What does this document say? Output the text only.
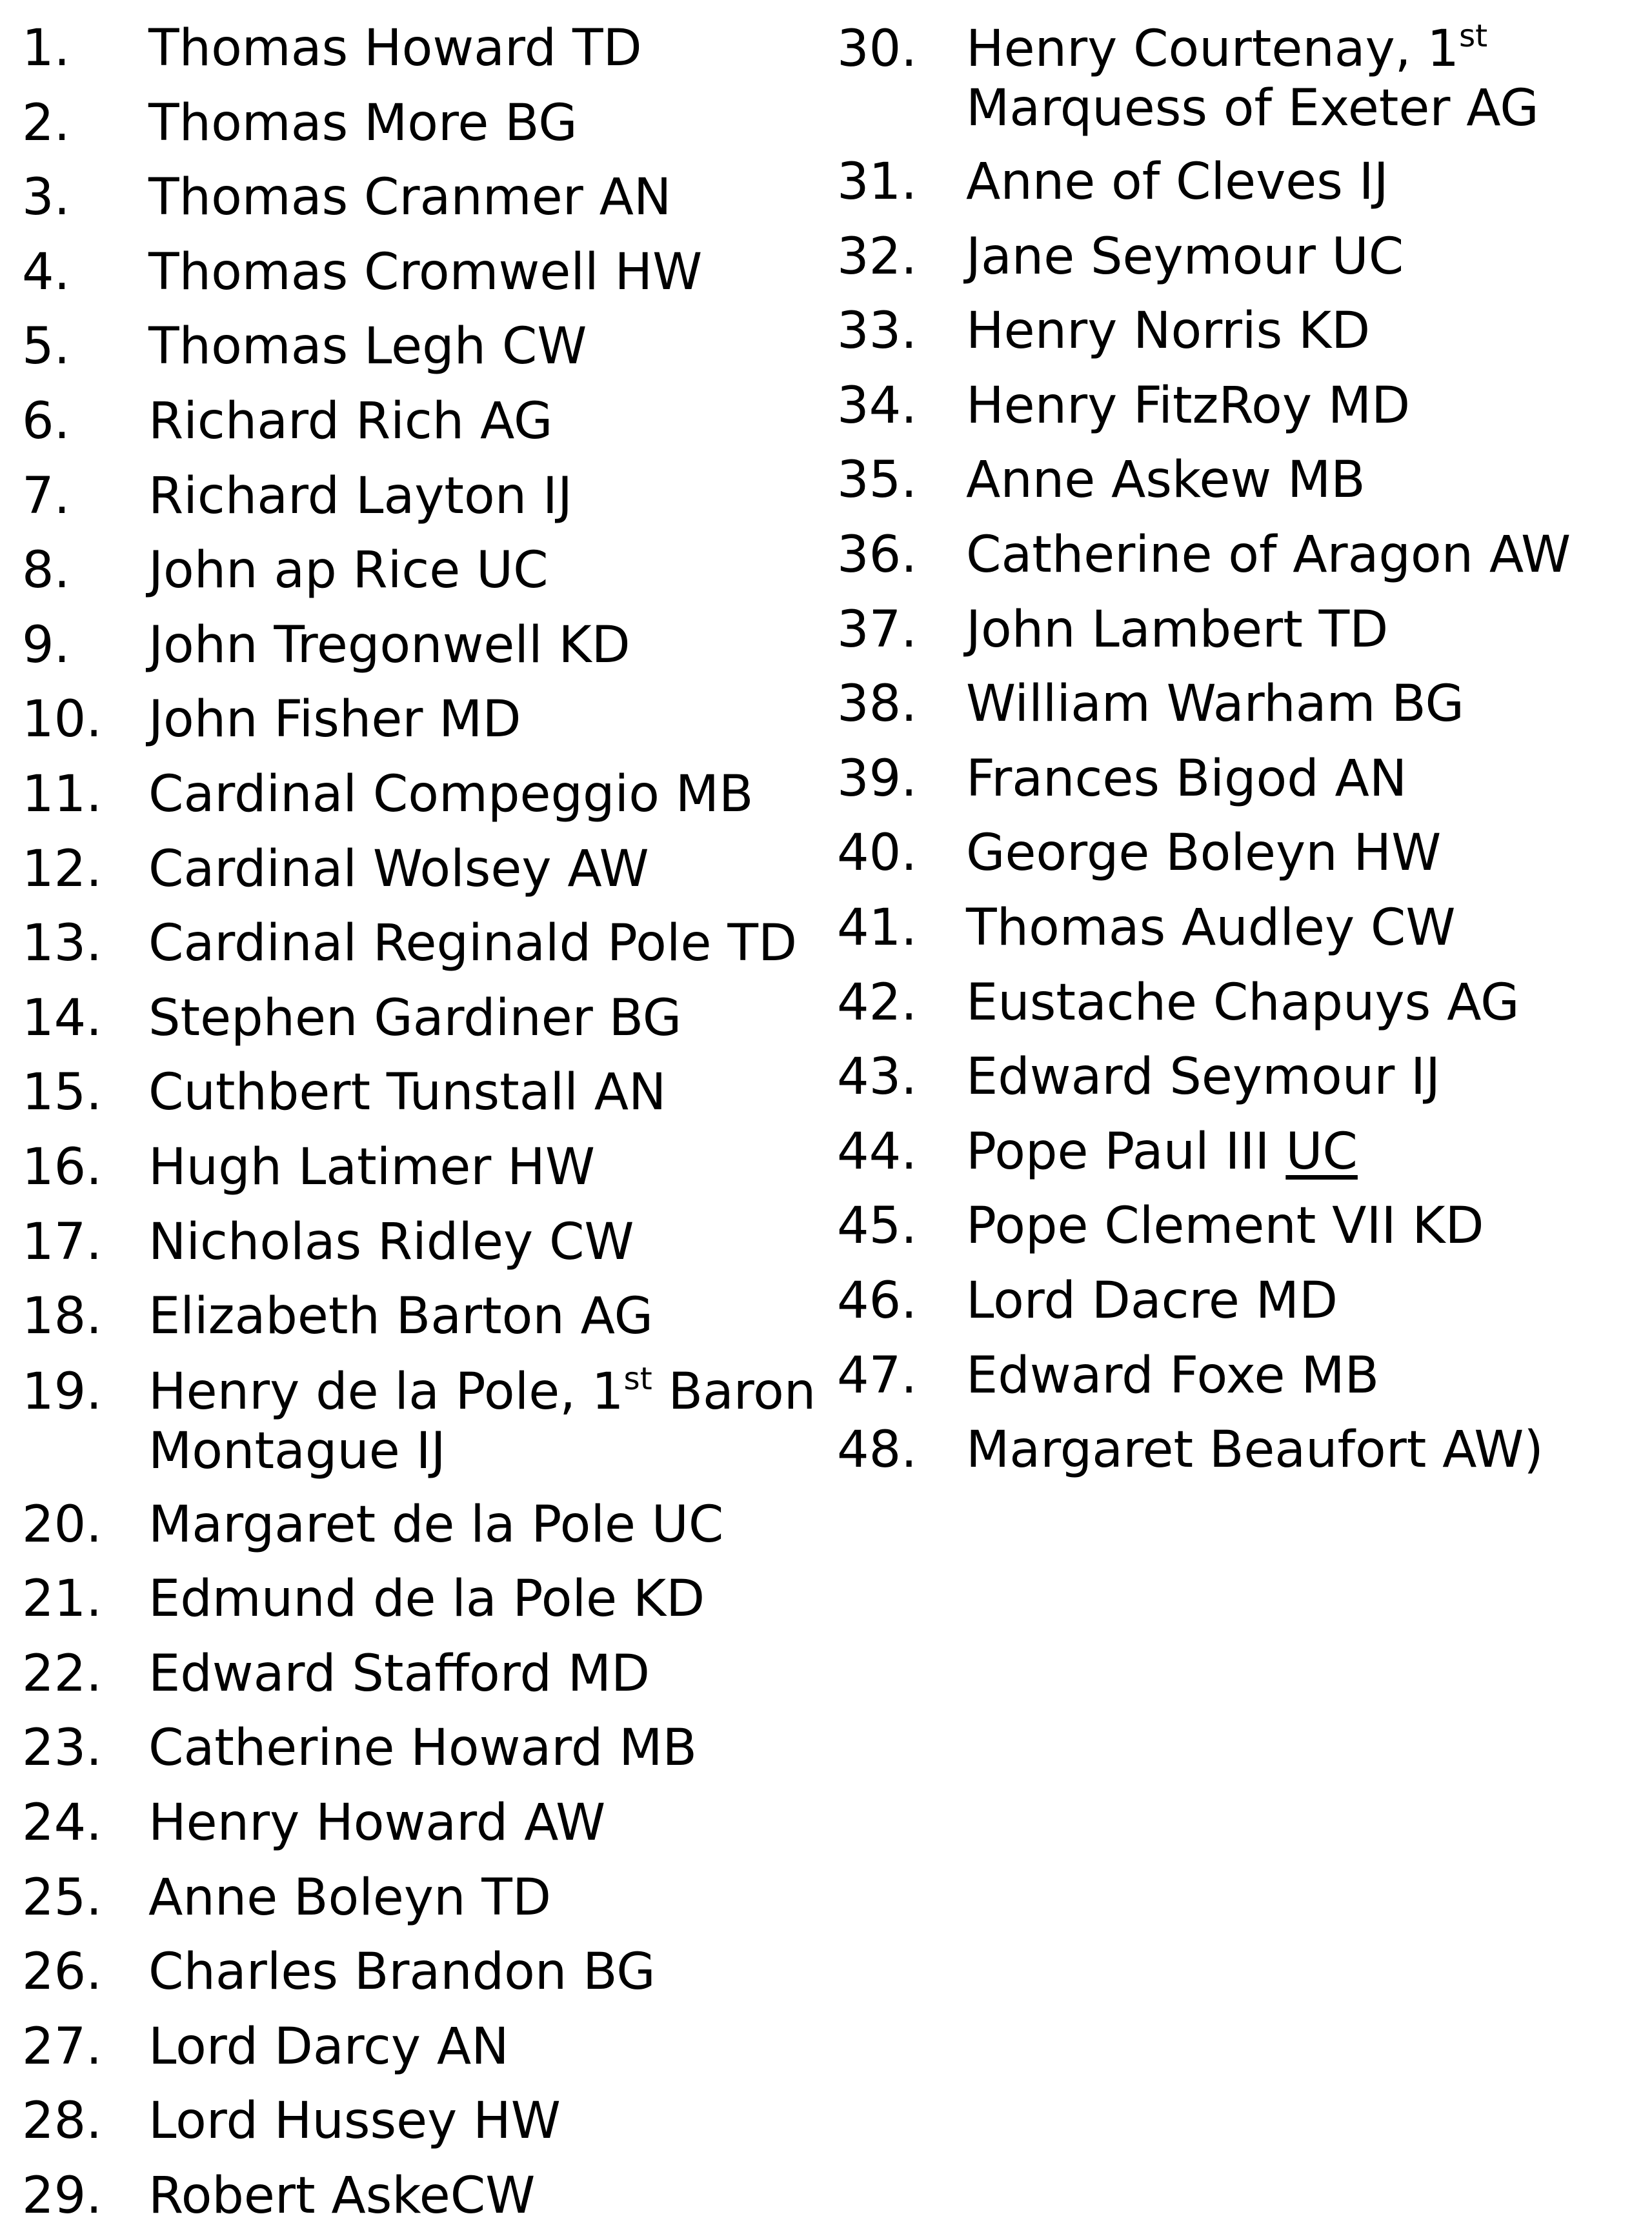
1.	Thomas Howard TD
2.	Thomas More BG
3.	Thomas Cranmer AN
4.	Thomas Cromwell HW
5.	Thomas Legh CW
6.	Richard Rich AG
7.	Richard Layton IJ
8.	John ap Rice UC
9.	John Tregonwell KD
10. John Fisher MD
11. Cardinal Compeggio MB
12. Cardinal Wolsey AW
13. Cardinal Reginald Pole TD
14. Stephen Gardiner BG
15. Cuthbert Tunstall AN
16. Hugh Latimer HW
17. Nicholas Ridley CW
18. Elizabeth Barton AG
19. Henry de la Pole, 1st Baron Montague IJ
20. Margaret de la Pole UC
21. Edmund de la Pole KD
22. Edward Stafford MD
23. Catherine Howard MB
24. Henry Howard AW
25. Anne Boleyn TD
26. Charles Brandon BG
27. Lord Darcy AN
28. Lord Hussey HW
29. Robert AskeCW
30. Henry Courtenay, 1st Marquess of Exeter AG
31. Anne of Cleves IJ
32. Jane Seymour UC
33. Henry Norris KD
34. Henry FitzRoy MD
35. Anne Askew MB
36. Catherine of Aragon AW
37. John Lambert TD
38. William Warham BG
39. Frances Bigod AN
40. George Boleyn HW
41. Thomas Audley CW
42. Eustache Chapuys AG
43. Edward Seymour IJ
44. Pope Paul III UC
45. Pope Clement VII KD
46. Lord Dacre MD
47. Edward Foxe MB
48. Margaret Beaufort AW)
